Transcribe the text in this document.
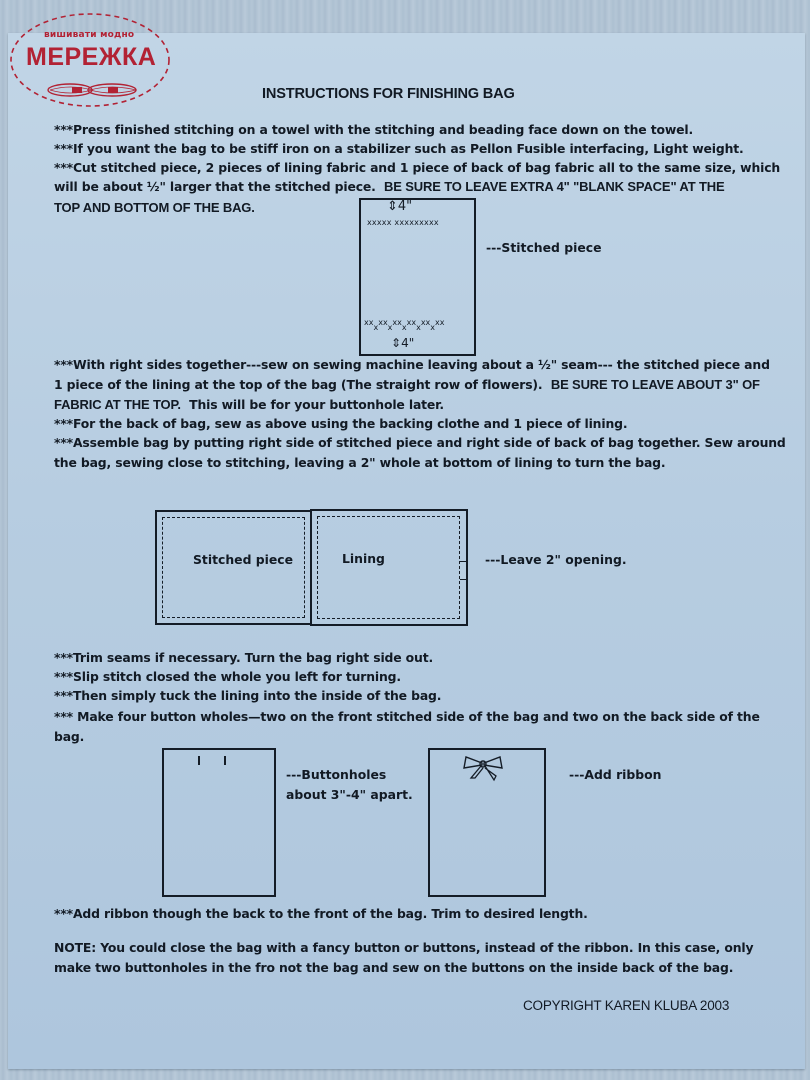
вишивати модно
МЕРЕЖКА
INSTRUCTIONS FOR FINISHING BAG
***Press finished stitching on a towel with the stitching and beading face down on the towel.
***If you want the bag to be stiff iron on a stabilizer such as Pellon Fusible interfacing, Light weight.
***Cut stitched piece, 2 pieces of lining fabric and 1 piece of back of bag fabric all to the same size, which
will be about ½" larger that the stitched piece. BE SURE TO LEAVE EXTRA 4" "BLANK SPACE" AT THE
TOP AND BOTTOM OF THE BAG.	⇕4"
xxxxx xxxxxxxxx
xxxxxxxxxxxxxxxxx
⇕4"
---Stitched piece
***With right sides together---sew on sewing machine leaving about a ½" seam--- the stitched piece and
1 piece of the lining at the top of the bag (The straight row of flowers). BE SURE TO LEAVE ABOUT 3" OF
FABRIC AT THE TOP. This will be for your buttonhole later.
***For the back of bag, sew as above using the backing clothe and 1 piece of lining.
***Assemble bag by putting right side of stitched piece and right side of back of bag together. Sew around
the bag, sewing close to stitching, leaving a 2" whole at bottom of lining to turn the bag.
Stitched piece	Lining	---Leave 2" opening.
***Trim seams if necessary. Turn the bag right side out.
***Slip stitch closed the whole you left for turning.
***Then simply tuck the lining into the inside of the bag.
*** Make four button wholes—two on the front stitched side of the bag and two on the back side of the
bag.
---Buttonholes
about 3"-4" apart.
---Add ribbon
***Add ribbon though the back to the front of the bag. Trim to desired length.
NOTE: You could close the bag with a fancy button or buttons, instead of the ribbon. In this case, only
make two buttonholes in the fro not the bag and sew on the buttons on the inside back of the bag.
COPYRIGHT KAREN KLUBA 2003
